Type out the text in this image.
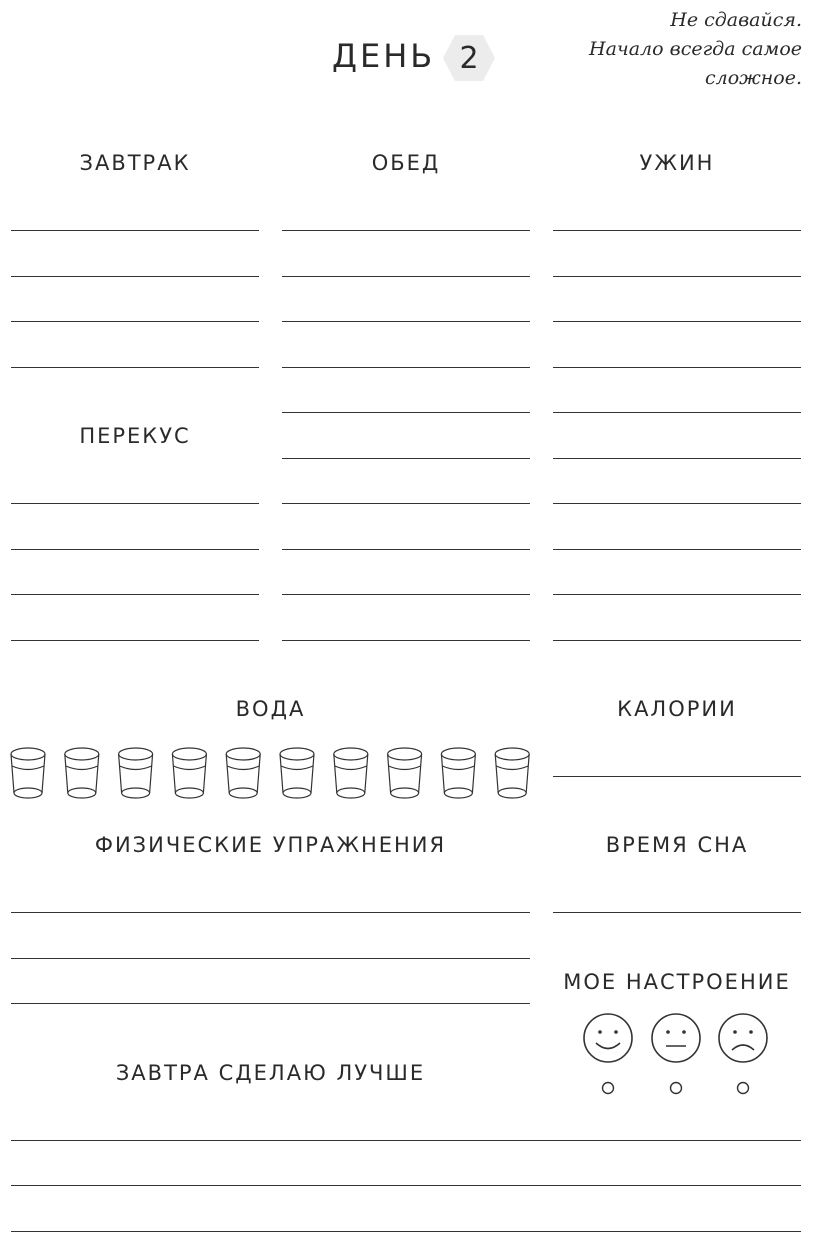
ДЕНЬ 2
Не сдавайся.
Начало всегда самое
сложное.
ЗАВТРАК	ОБЕД	УЖИН
ПЕРЕКУС
ВОДА	КАЛОРИИ
ФИЗИЧЕСКИЕ УПРАЖНЕНИЯ	ВРЕМЯ СНА
МОЕ НАСТРОЕНИЕ
ЗАВТРА СДЕЛАЮ ЛУЧШЕ
